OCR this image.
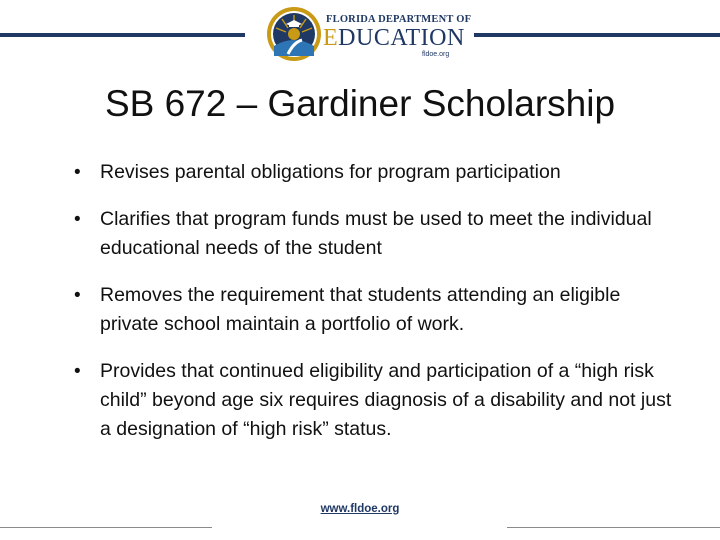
FLORIDA DEPARTMENT OF
EDUCATION
fldoe.org
SB 672 – Gardiner Scholarship
• Revises parental obligations for program participation
• Clarifies that program funds must be used to meet the individual educational needs of the student
• Removes the requirement that students attending an eligible private school maintain a portfolio of work.
• Provides that continued eligibility and participation of a “high risk child” beyond age six requires diagnosis of a disability and not just a designation of “high risk” status.
www.fldoe.org
